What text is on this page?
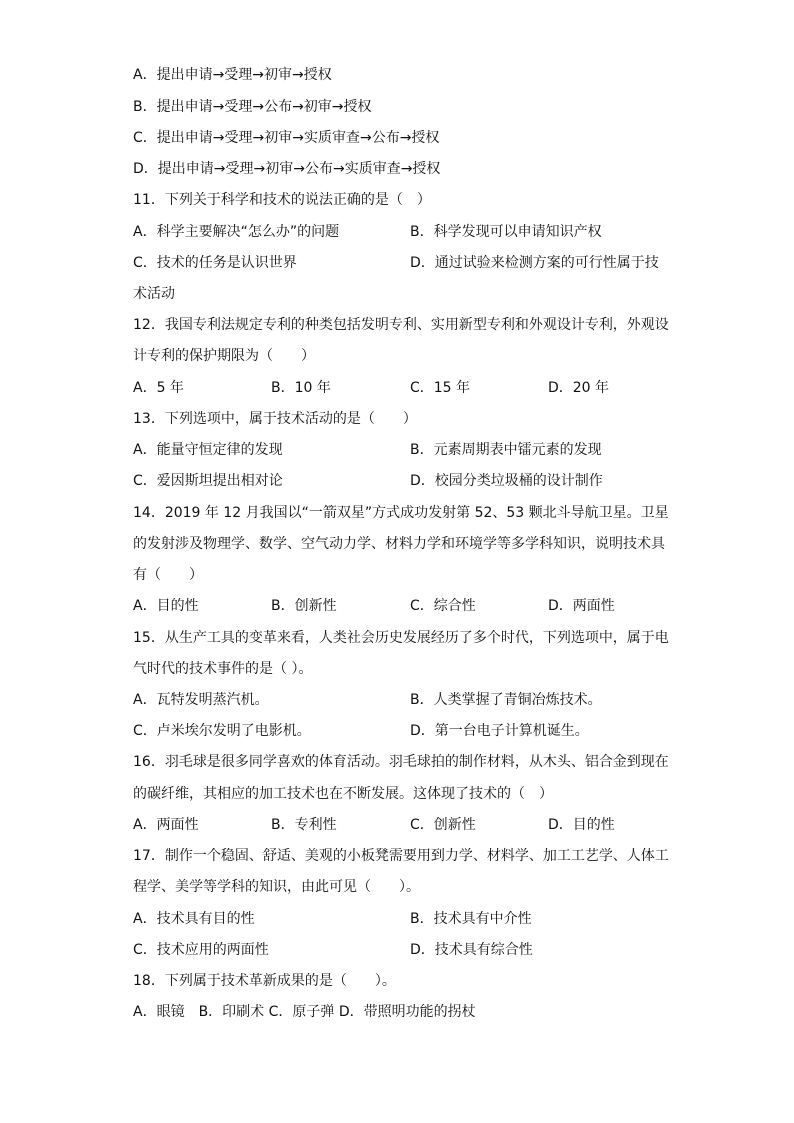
A．提出申请→受理→初审→授权
B．提出申请→受理→公布→初审→授权
C．提出申请→受理→初审→实质审查→公布→授权
D．提出申请→受理→初审→公布→实质审查→授权
11．下列关于科学和技术的说法正确的是（　）
A．科学主要解决“怎么办”的问题	B．科学发现可以申请知识产权
C．技术的任务是认识世界	D．通过试验来检测方案的可行性属于技
术活动
12．我国专利法规定专利的种类包括发明专利、实用新型专利和外观设计专利，外观设
计专利的保护期限为（　　）
A．5 年	B．10 年	C．15 年	D．20 年
13．下列选项中，属于技术活动的是（　　）
A．能量守恒定律的发现	B．元素周期表中镭元素的发现
C．爱因斯坦提出相对论	D．校园分类垃圾桶的设计制作
14．2019 年 12 月我国以“一箭双星”方式成功发射第 52、53 颗北斗导航卫星。卫星
的发射涉及物理学、数学、空气动力学、材料力学和环境学等多学科知识，说明技术具
有（　　）
A．目的性	B．创新性	C．综合性	D．两面性
15．从生产工具的变革来看，人类社会历史发展经历了多个时代，下列选项中，属于电
气时代的技术事件的是（ ）。
A．瓦特发明蒸汽机。	B．人类掌握了青铜冶炼技术。
C．卢米埃尔发明了电影机。	D．第一台电子计算机诞生。
16．羽毛球是很多同学喜欢的体育活动。羽毛球拍的制作材料，从木头、铝合金到现在
的碳纤维，其相应的加工技术也在不断发展。这体现了技术的（　）
A．两面性	B．专利性	C．创新性	D．目的性
17．制作一个稳固、舒适、美观的小板凳需要用到力学、材料学、加工工艺学、人体工
程学、美学等学科的知识，由此可见（　　）。
A．技术具有目的性	B．技术具有中介性
C．技术应用的两面性	D．技术具有综合性
18．下列属于技术革新成果的是（　　）。
A．眼镜　B．印刷术 C．原子弹 D．带照明功能的拐杖
